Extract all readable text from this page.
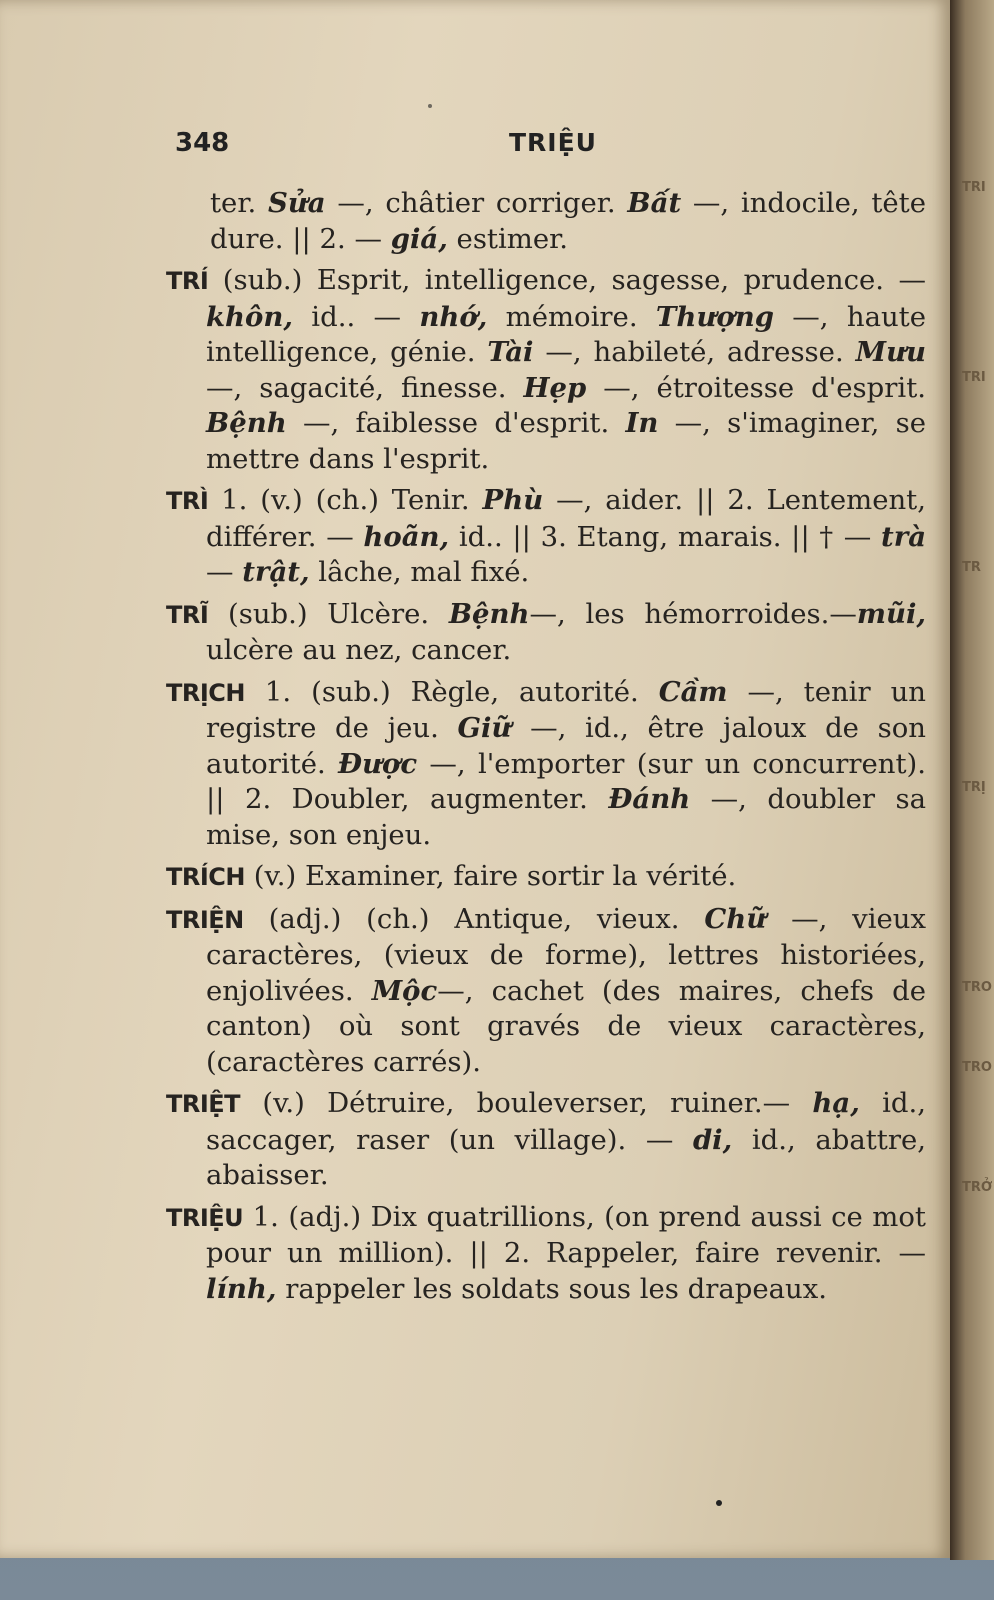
TRI
TRI
TR
TRỊ
TRO
TRO
TRỞ
348	TRIỆU

ter. Sửa —, châtier corriger. Bất —, indocile, tête dure. || 2. — giá, estimer.

TRÍ (sub.) Esprit, intelligence, sagesse, prudence. — khôn, id.. — nhớ, mémoire. Thượng —, haute intelligence, génie. Tài —, habileté, adresse. Mưu —, sagacité, finesse. Hẹp —, étroitesse d'esprit. Bệnh —, faiblesse d'esprit. In —, s'imaginer, se mettre dans l'esprit.

TRÌ 1. (v.) (ch.) Tenir. Phù —, aider. || 2. Lentement, différer. — hoãn, id.. || 3. Etang, marais. || † — trà — trật, lâche, mal fixé.

TRĨ (sub.) Ulcère. Bệnh—, les hémorroides.—mũi, ulcère au nez, cancer.

TRỊCH 1. (sub.) Règle, autorité. Cầm —, tenir un registre de jeu. Giữ —, id., être jaloux de son autorité. Được —, l'emporter (sur un concurrent). || 2. Doubler, augmenter. Đánh —, doubler sa mise, son enjeu.

TRÍCH (v.) Examiner, faire sortir la vérité.

TRIỆN (adj.) (ch.) Antique, vieux. Chữ —, vieux caractères, (vieux de forme), lettres historiées, enjolivées. Mộc—, cachet (des maires, chefs de canton) où sont gravés de vieux caractères, (caractères carrés).

TRIỆT (v.) Détruire, bouleverser, ruiner.— hạ, id., saccager, raser (un village). — di, id., abattre, abaisser.

TRIỆU 1. (adj.) Dix quatrillions, (on prend aussi ce mot pour un million). || 2. Rappeler, faire revenir. — lính, rappeler les soldats sous les drapeaux.
